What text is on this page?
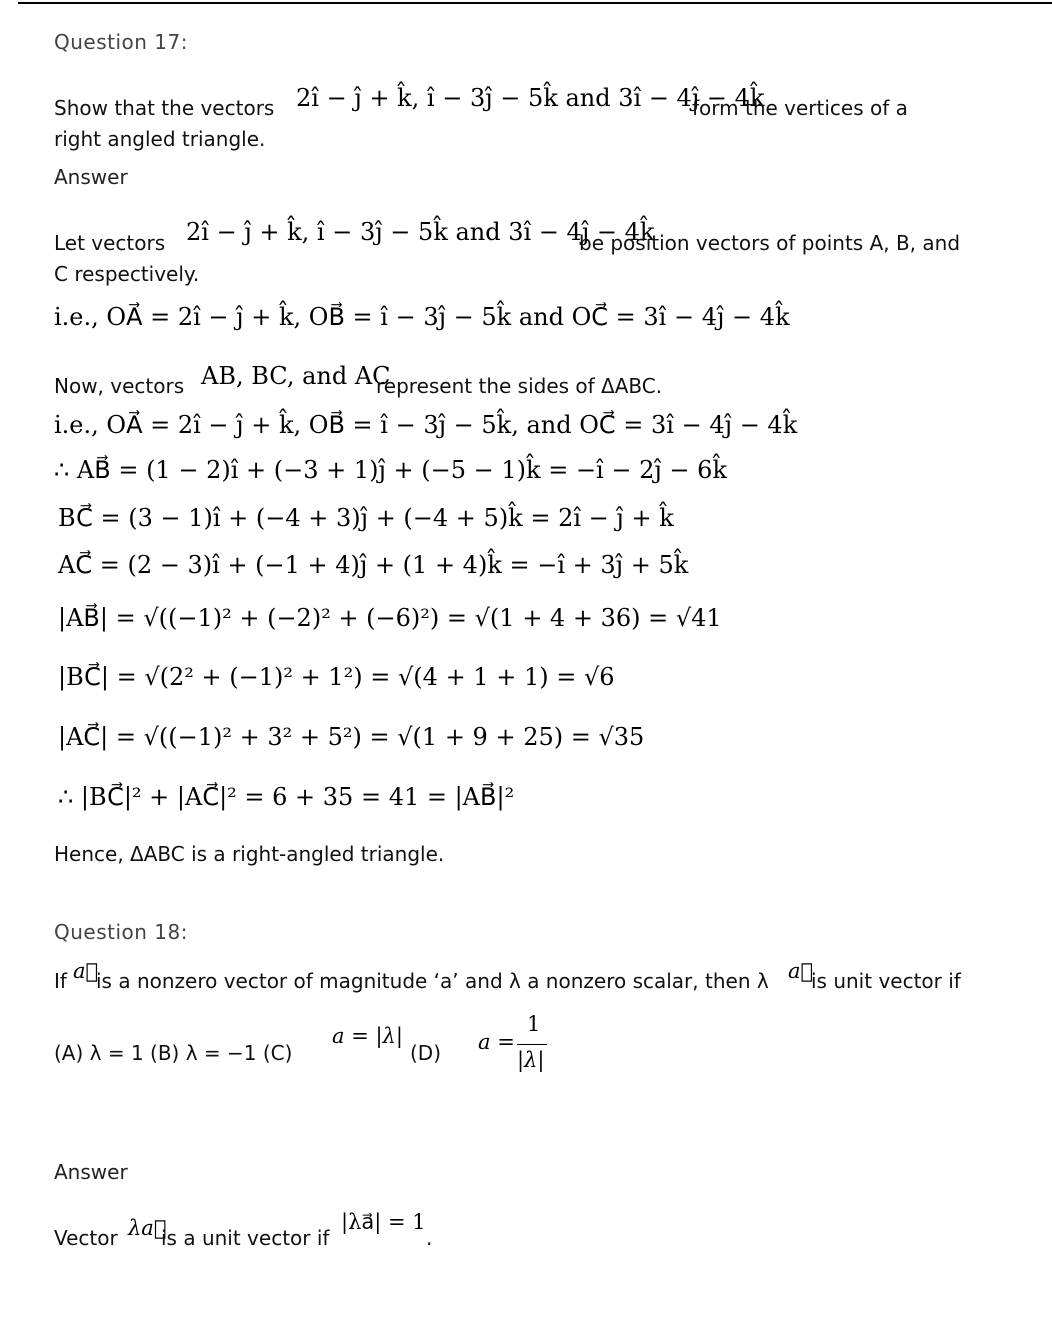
Question 17:
Show that the vectors 2î − ĵ + k̂, î − 3ĵ − 5k̂ and 3î − 4ĵ − 4k̂
form the vertices of a
right angled triangle.
Answer
Let vectors 2î − ĵ + k̂, î − 3ĵ − 5k̂ and 3î − 4ĵ − 4k̂
be position vectors of points A, B, and
C respectively.
i.e., OA⃗ = 2î − ĵ + k̂, OB⃗ = î − 3ĵ − 5k̂ and OC⃗ = 3î − 4ĵ − 4k̂
Now, vectors AB, BC, and AC
represent the sides of ΔABC.
i.e., OA⃗ = 2î − ĵ + k̂, OB⃗ = î − 3ĵ − 5k̂, and OC⃗ = 3î − 4ĵ − 4k̂
∴ AB⃗ = (1 − 2)î + (−3 + 1)ĵ + (−5 − 1)k̂ = −î − 2ĵ − 6k̂
BC⃗ = (3 − 1)î + (−4 + 3)ĵ + (−4 + 5)k̂ = 2î − ĵ + k̂
AC⃗ = (2 − 3)î + (−1 + 4)ĵ + (1 + 4)k̂ = −î + 3ĵ + 5k̂
|AB⃗| = √((−1)² + (−2)² + (−6)²) = √(1 + 4 + 36) = √41
|BC⃗| = √(2² + (−1)² + 1²) = √(4 + 1 + 1) = √6
|AC⃗| = √((−1)² + 3² + 5²) = √(1 + 9 + 25) = √35
∴ |BC⃗|² + |AC⃗|² = 6 + 35 = 41 = |AB⃗|²
Hence, ΔABC is a right-angled triangle.
Question 18:
If a⃗
is a nonzero vector of magnitude ‘a’ and λ a nonzero scalar, then λ a⃗
is unit vector if
(A) λ = 1 (B) λ = −1 (C)
a = |λ|
(D) a =
1
|λ|
Answer
Vector λa⃗
is a unit vector if
|λa⃗| = 1
.
